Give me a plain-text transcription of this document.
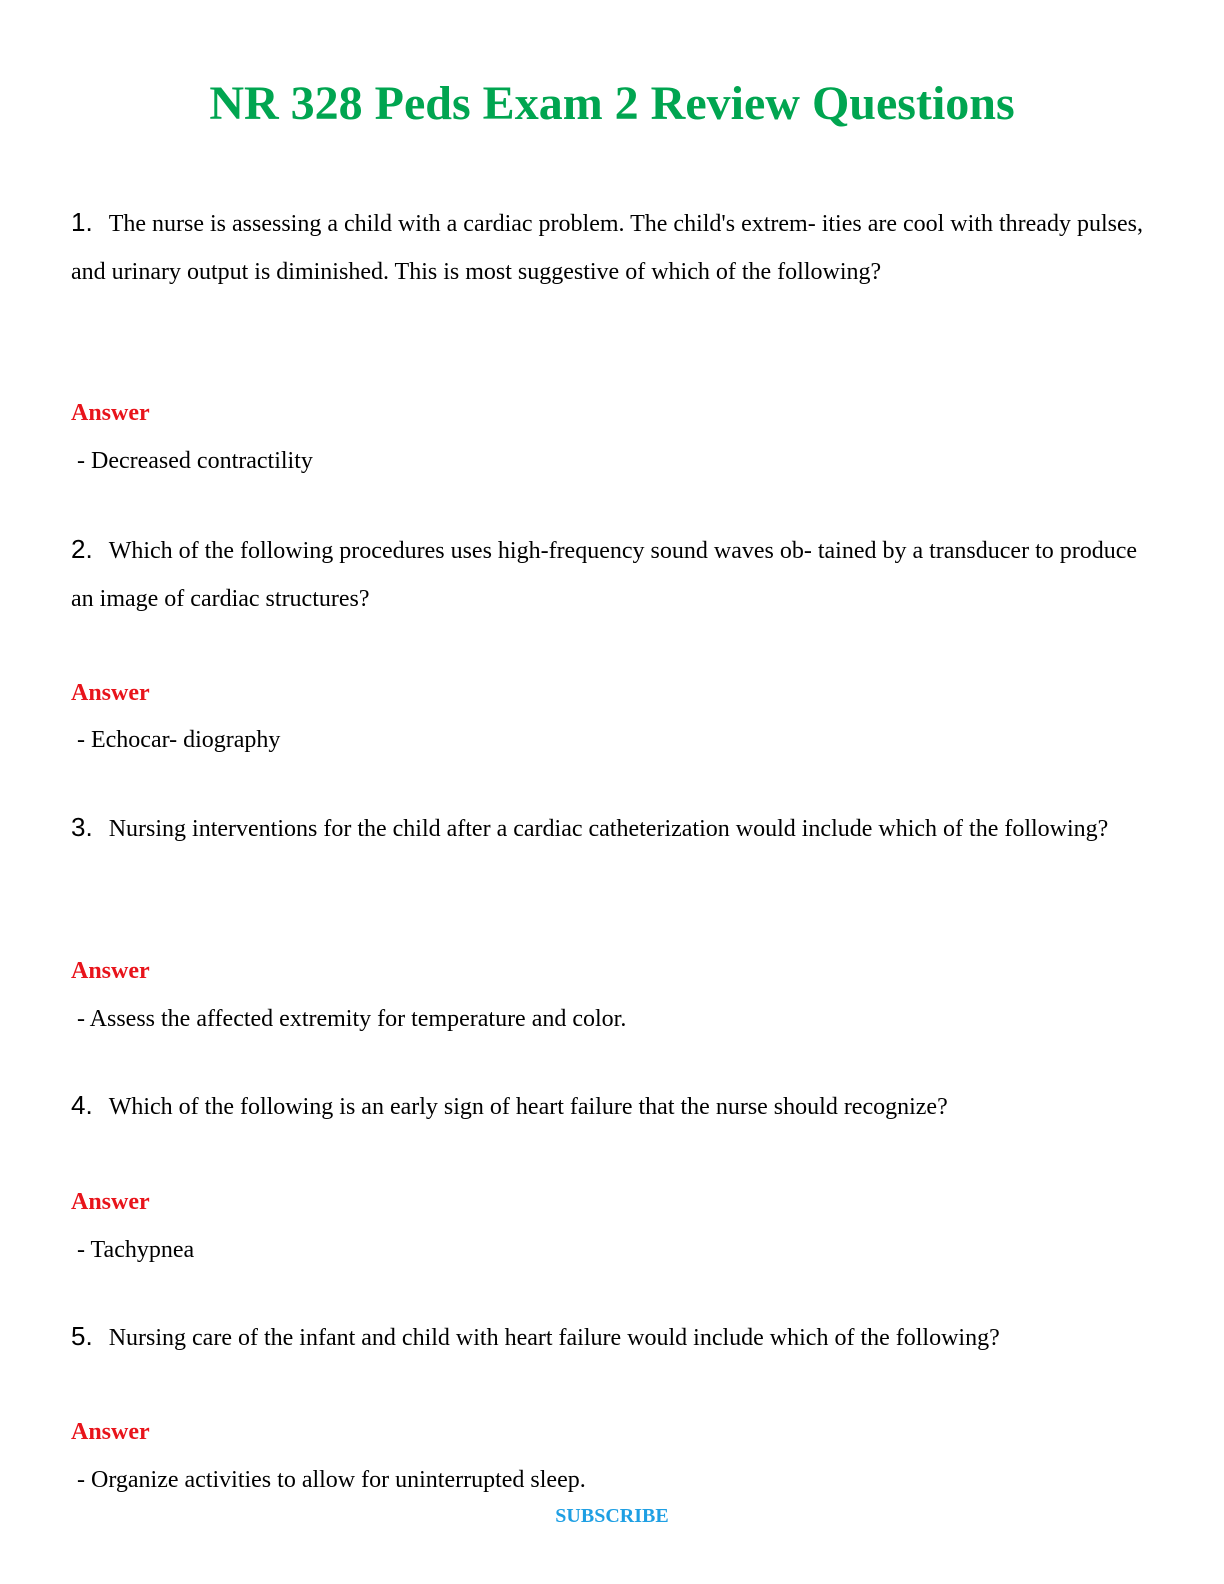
NR 328 Peds Exam 2 Review Questions

1. The nurse is assessing a child with a cardiac problem. The child's extrem- ities are cool with thready pulses, and urinary output is diminished. This is most suggestive of which of the following?

Answer
- Decreased contractility

2. Which of the following procedures uses high-frequency sound waves ob- tained by a transducer to produce an image of cardiac structures?

Answer
- Echocar- diography

3. Nursing interventions for the child after a cardiac catheterization would include which of the following?

Answer
- Assess the affected extremity for temperature and color.

4. Which of the following is an early sign of heart failure that the nurse should recognize?

Answer
- Tachypnea

5. Nursing care of the infant and child with heart failure would include which of the following?

Answer
- Organize activities to allow for uninterrupted sleep.
SUBSCRIBE
